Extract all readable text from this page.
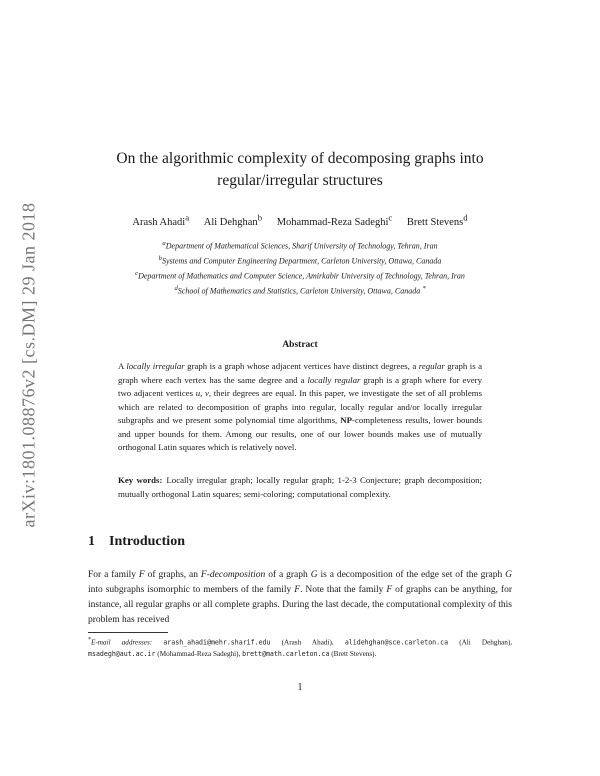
arXiv:1801.08876v2 [cs.DM] 29 Jan 2018
On the algorithmic complexity of decomposing graphs into
regular/irregular structures
Arash Ahadi$^a$ Ali Dehghan$^b$ Mohammad-Reza Sadeghi$^c$ Brett Stevens$^d$
$^a$Department of Mathematical Sciences, Sharif University of Technology, Tehran, Iran
$^b$Systems and Computer Engineering Department, Carleton University, Ottawa, Canada
$^c$Department of Mathematics and Computer Science, Amirkabir University of Technology, Tehran, Iran
$^d$School of Mathematics and Statistics, Carleton University, Ottawa, Canada *
Abstract
A locally irregular graph is a graph whose adjacent vertices have distinct degrees, a regular graph is a graph where each vertex has the same degree and a locally regular graph is a graph where for every two adjacent vertices u, v, their degrees are equal. In this paper, we investigate the set of all problems which are related to decomposition of graphs into regular, locally regular and/or locally irregular subgraphs and we present some polynomial time algorithms, NP-completeness results, lower bounds and upper bounds for them. Among our results, one of our lower bounds makes use of mutually orthogonal Latin squares which is relatively novel.
Key words: Locally irregular graph; locally regular graph; 1-2-3 Conjecture; graph decomposition; mutually orthogonal Latin squares; semi-coloring; computational complexity.
1 Introduction
For a family F of graphs, an F-decomposition of a graph G is a decomposition of the edge set of the graph G into subgraphs isomorphic to members of the family F. Note that the family F of graphs can be anything, for instance, all regular graphs or all complete graphs. During the last decade, the computational complexity of this problem has received
*E-mail addresses: arash_ahadi@mehr.sharif.edu (Arash Ahadi), alidehghan@sce.carleton.ca (Ali Dehghan), msadegh@aut.ac.ir (Mohammad-Reza Sadeghi), brett@math.carleton.ca (Brett Stevens).
1
